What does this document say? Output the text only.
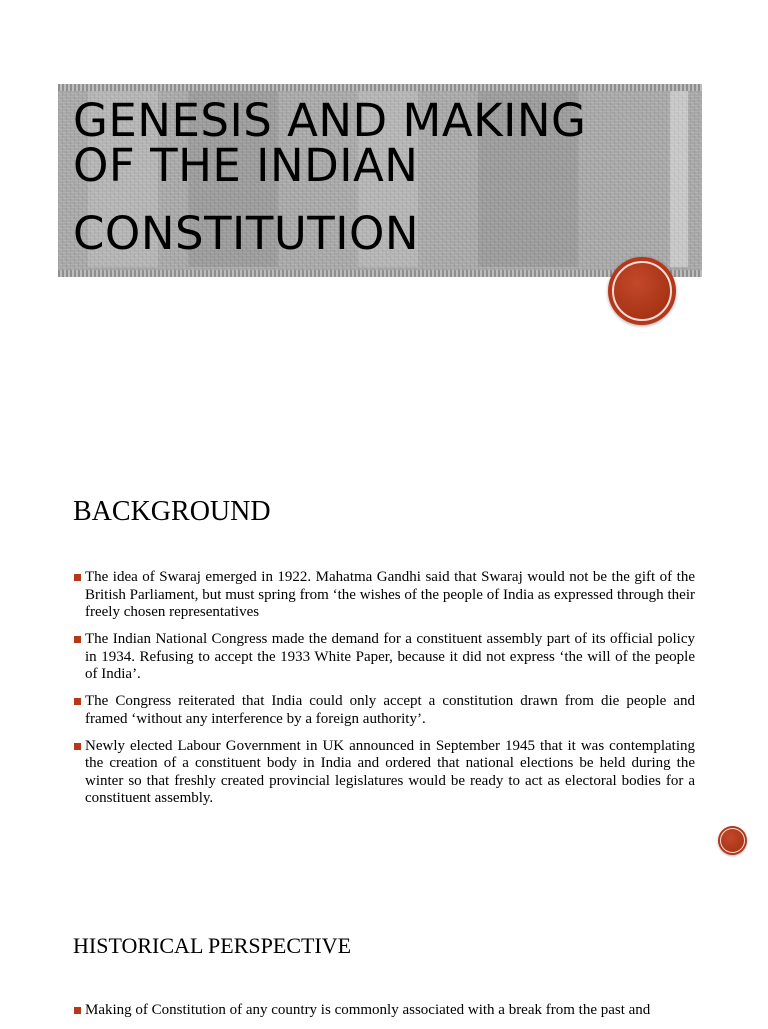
GENESIS AND MAKING
OF THE INDIAN
CONSTITUTION
BACKGROUND
The idea of Swaraj emerged in 1922. Mahatma Gandhi said that Swaraj would not be the gift of the British Parliament, but must spring from ‘the wishes of the people of India as expressed through their freely chosen representatives
The Indian National Congress made the demand for a constituent assembly part of its official policy in 1934. Refusing to accept the 1933 White Paper, because it did not express ‘the will of the people of India’.
The Congress reiterated that India could only accept a constitution drawn from die people and framed ‘without any interference by a foreign authority’.
Newly elected Labour Government in UK announced in September 1945 that it was contemplating the creation of a constituent body in India and ordered that national elections be held during the winter so that freshly created provincial legislatures would be ready to act as electoral bodies for a constituent assembly.
HISTORICAL PERSPECTIVE
Making of Constitution of any country is commonly associated with a break from the past and
